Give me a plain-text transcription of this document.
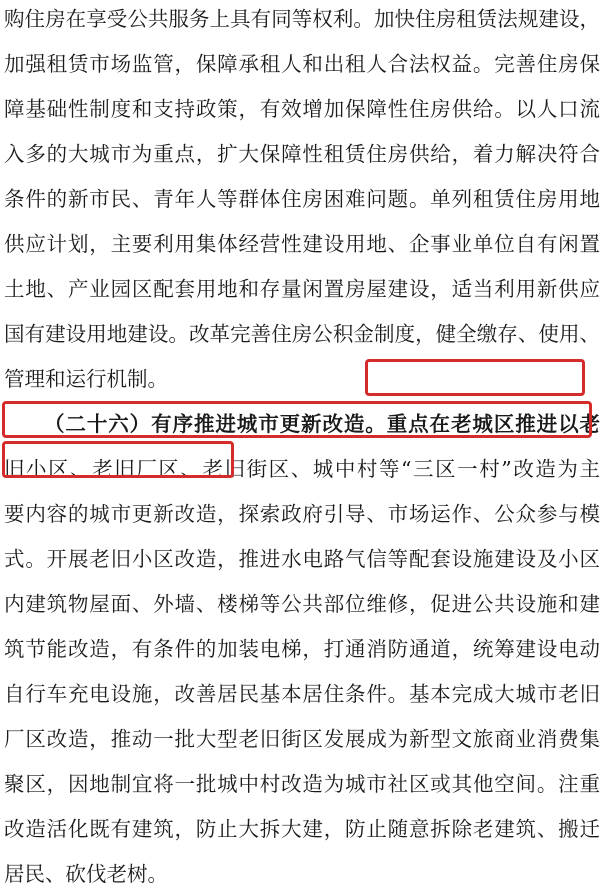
购住房在享受公共服务上具有同等权利。加快住房租赁法规建设，
加强租赁市场监管，保障承租人和出租人合法权益。完善住房保
障基础性制度和支持政策，有效增加保障性住房供给。以人口流
入多的大城市为重点，扩大保障性租赁住房供给，着力解决符合
条件的新市民、青年人等群体住房困难问题。单列租赁住房用地
供应计划，主要利用集体经营性建设用地、企事业单位自有闲置
土地、产业园区配套用地和存量闲置房屋建设，适当利用新供应
国有建设用地建设。改革完善住房公积金制度，健全缴存、使用、
管理和运行机制。
（二十六）有序推进城市更新改造。重点在老城区推进以老
旧小区、老旧厂区、老旧街区、城中村等“三区一村”改造为主
要内容的城市更新改造，探索政府引导、市场运作、公众参与模
式。开展老旧小区改造，推进水电路气信等配套设施建设及小区
内建筑物屋面、外墙、楼梯等公共部位维修，促进公共设施和建
筑节能改造，有条件的加装电梯，打通消防通道，统筹建设电动
自行车充电设施，改善居民基本居住条件。基本完成大城市老旧
厂区改造，推动一批大型老旧街区发展成为新型文旅商业消费集
聚区，因地制宜将一批城中村改造为城市社区或其他空间。注重
改造活化既有建筑，防止大拆大建，防止随意拆除老建筑、搬迁
居民、砍伐老树。
